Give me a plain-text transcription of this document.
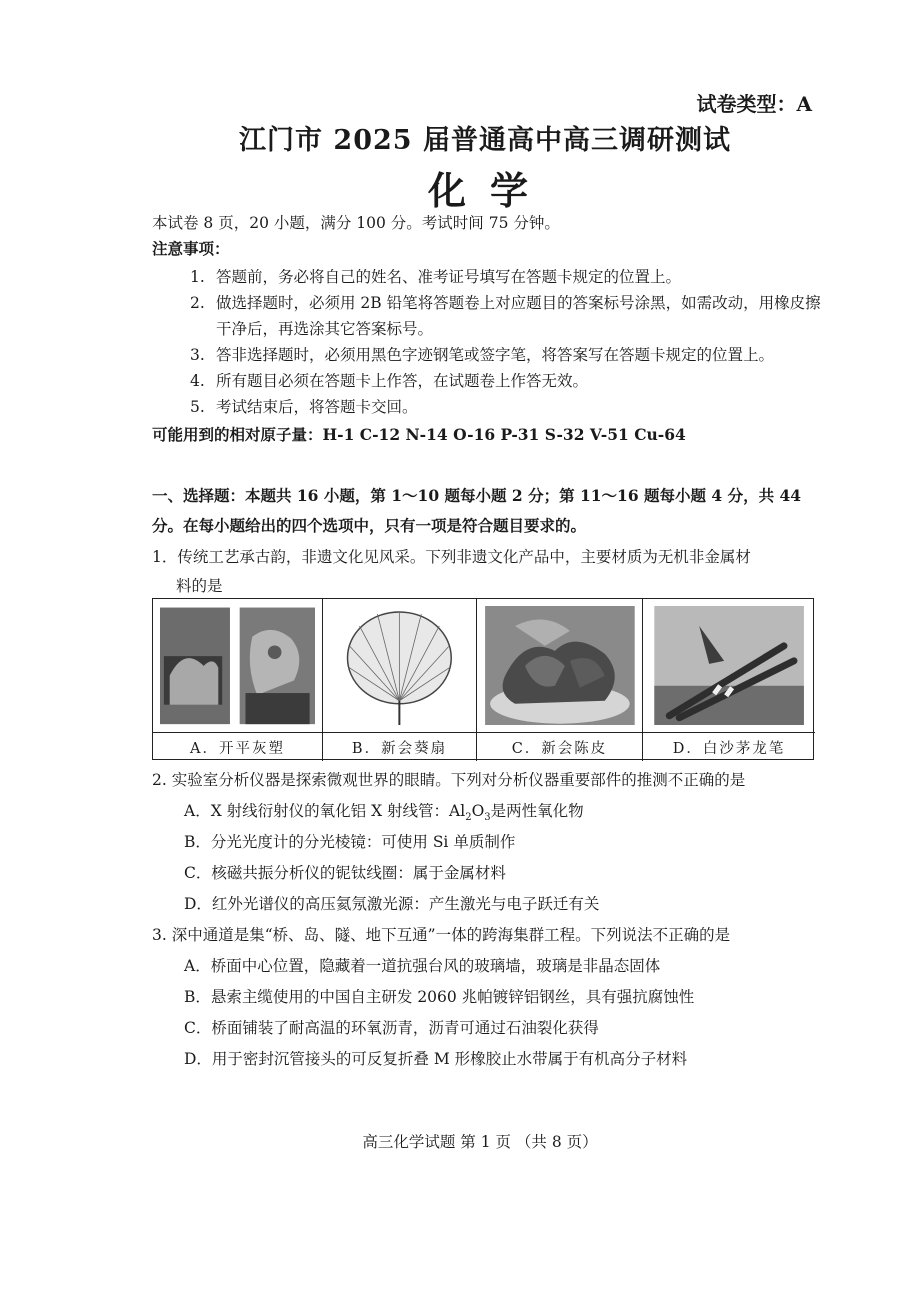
试卷类型：A
江门市 2025 届普通高中高三调研测试
化学
本试卷 8 页，20 小题，满分 100 分。考试时间 75 分钟。
注意事项：
1. 答题前，务必将自己的姓名、准考证号填写在答题卡规定的位置上。
2. 做选择题时，必须用 2B 铅笔将答题卷上对应题目的答案标号涂黑，如需改动，用橡皮擦干净后，再选涂其它答案标号。
3. 答非选择题时，必须用黑色字迹钢笔或签字笔，将答案写在答题卡规定的位置上。
4. 所有题目必须在答题卡上作答，在试题卷上作答无效。
5. 考试结束后，将答题卡交回。
可能用到的相对原子量：H-1 C-12 N-14 O-16 P-31 S-32 V-51 Cu-64
一、选择题：本题共 16 小题，第 1～10 题每小题 2 分；第 11～16 题每小题 4 分，共 44
分。在每小题给出的四个选项中，只有一项是符合题目要求的。
1．传统工艺承古韵，非遗文化见风采。下列非遗文化产品中，主要材质为无机非金属材
料的是
A．开平灰塑	B．新会葵扇	C．新会陈皮	D．白沙茅龙笔
2. 实验室分析仪器是探索微观世界的眼睛。下列对分析仪器重要部件的推测不正确的是
A．X 射线衍射仪的氧化铝 X 射线管：$Al_2O_3$是两性氧化物
B．分光光度计的分光棱镜：可使用 Si 单质制作
C．核磁共振分析仪的铌钛线圈：属于金属材料
D．红外光谱仪的高压氦氖激光源：产生激光与电子跃迁有关
3. 深中通道是集“桥、岛、隧、地下互通”一体的跨海集群工程。下列说法不正确的是
A．桥面中心位置，隐藏着一道抗强台风的玻璃墙，玻璃是非晶态固体
B．悬索主缆使用的中国自主研发 2060 兆帕镀锌铝钢丝，具有强抗腐蚀性
C．桥面铺装了耐高温的环氧沥青，沥青可通过石油裂化获得
D．用于密封沉管接头的可反复折叠 M 形橡胶止水带属于有机高分子材料
高三化学试题 第 1 页 （共 8 页）
